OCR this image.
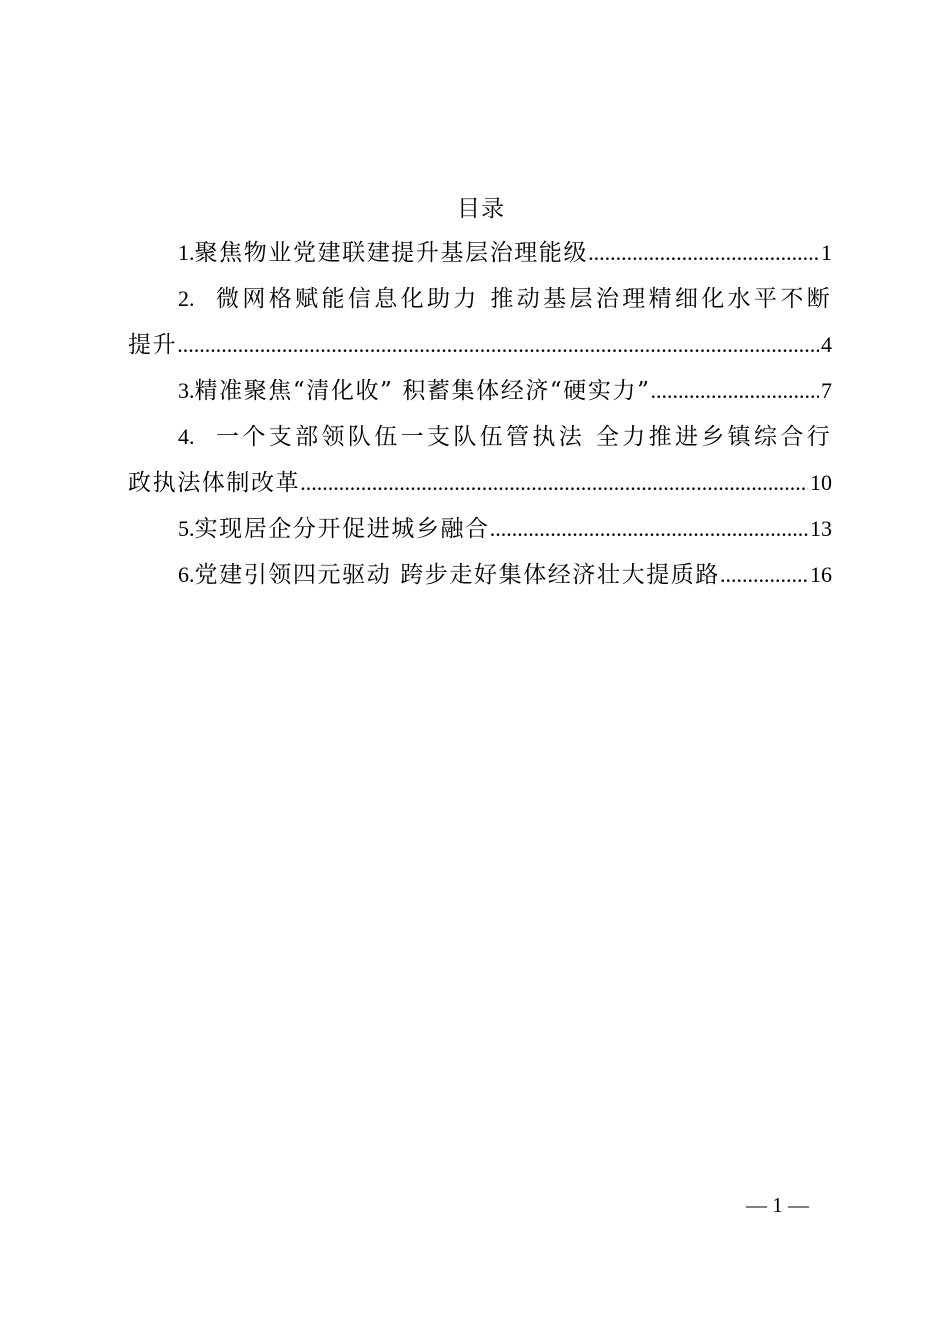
目录
1. 聚焦物业党建联建提升基层治理能级 .....	1
2. 微网格赋能信息化助力 推动基层治理精细化水平不断
提升 .....	4
3. 精准聚焦“清化收” 积蓄集体经济“硬实力” .....	7
4. 一个支部领队伍一支队伍管执法 全力推进乡镇综合行
政执法体制改革 .....	10
5. 实现居企分开促进城乡融合 .....	13
6. 党建引领四元驱动 跨步走好集体经济壮大提质路 .....	16
— 1 —
